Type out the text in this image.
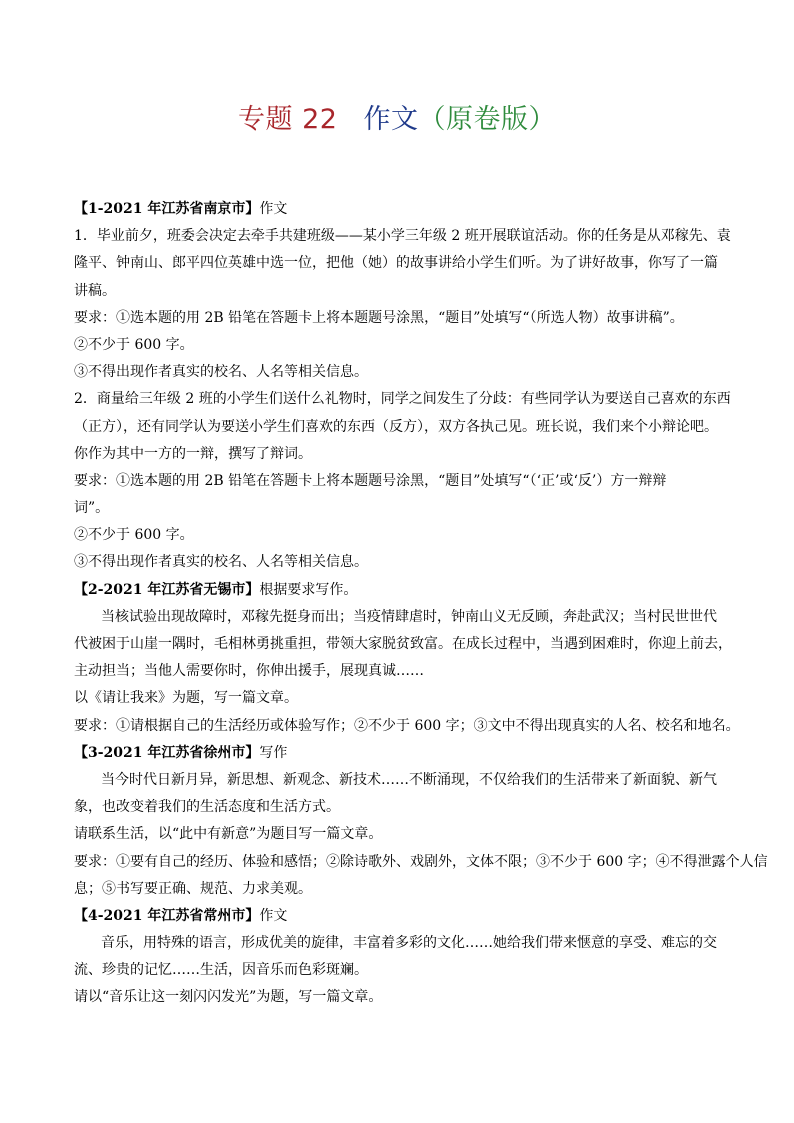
专题 22 作文（原卷版）
【1-2021 年江苏省南京市】作文
1．毕业前夕，班委会决定去牵手共建班级——某小学三年级 2 班开展联谊活动。你的任务是从邓稼先、袁
隆平、钟南山、郎平四位英雄中选一位，把他（她）的故事讲给小学生们听。为了讲好故事，你写了一篇
讲稿。
要求：①选本题的用 2B 铅笔在答题卡上将本题题号涂黑，“题目”处填写“（所选人物）故事讲稿”。
②不少于 600 字。
③不得出现作者真实的校名、人名等相关信息。
2．商量给三年级 2 班的小学生们送什么礼物时，同学之间发生了分歧：有些同学认为要送自己喜欢的东西
（正方），还有同学认为要送小学生们喜欢的东西（反方），双方各执己见。班长说，我们来个小辩论吧。
你作为其中一方的一辩，撰写了辩词。
要求：①选本题的用 2B 铅笔在答题卡上将本题题号涂黑，“题目”处填写“（‘正’或‘反’）方一辩辩
词”。
②不少于 600 字。
③不得出现作者真实的校名、人名等相关信息。
【2-2021 年江苏省无锡市】根据要求写作。
当核试验出现故障时，邓稼先挺身而出；当疫情肆虐时，钟南山义无反顾，奔赴武汉；当村民世世代
代被困于山崖一隅时，毛相林勇挑重担，带领大家脱贫致富。在成长过程中，当遇到困难时，你迎上前去，
主动担当；当他人需要你时，你伸出援手，展现真诚……
以《请让我来》为题，写一篇文章。
要求：①请根据自己的生活经历或体验写作；②不少于 600 字；③文中不得出现真实的人名、校名和地名。
【3-2021 年江苏省徐州市】写作
当今时代日新月异，新思想、新观念、新技术……不断涌现，不仅给我们的生活带来了新面貌、新气
象，也改变着我们的生活态度和生活方式。
请联系生活，以“此中有新意”为题目写一篇文章。
要求：①要有自己的经历、体验和感悟；②除诗歌外、戏剧外，文体不限；③不少于 600 字；④不得泄露个人信
息；⑤书写要正确、规范、力求美观。
【4-2021 年江苏省常州市】作文
音乐，用特殊的语言，形成优美的旋律，丰富着多彩的文化……她给我们带来惬意的享受、难忘的交
流、珍贵的记忆……生活，因音乐而色彩斑斓。
请以“音乐让这一刻闪闪发光”为题，写一篇文章。
